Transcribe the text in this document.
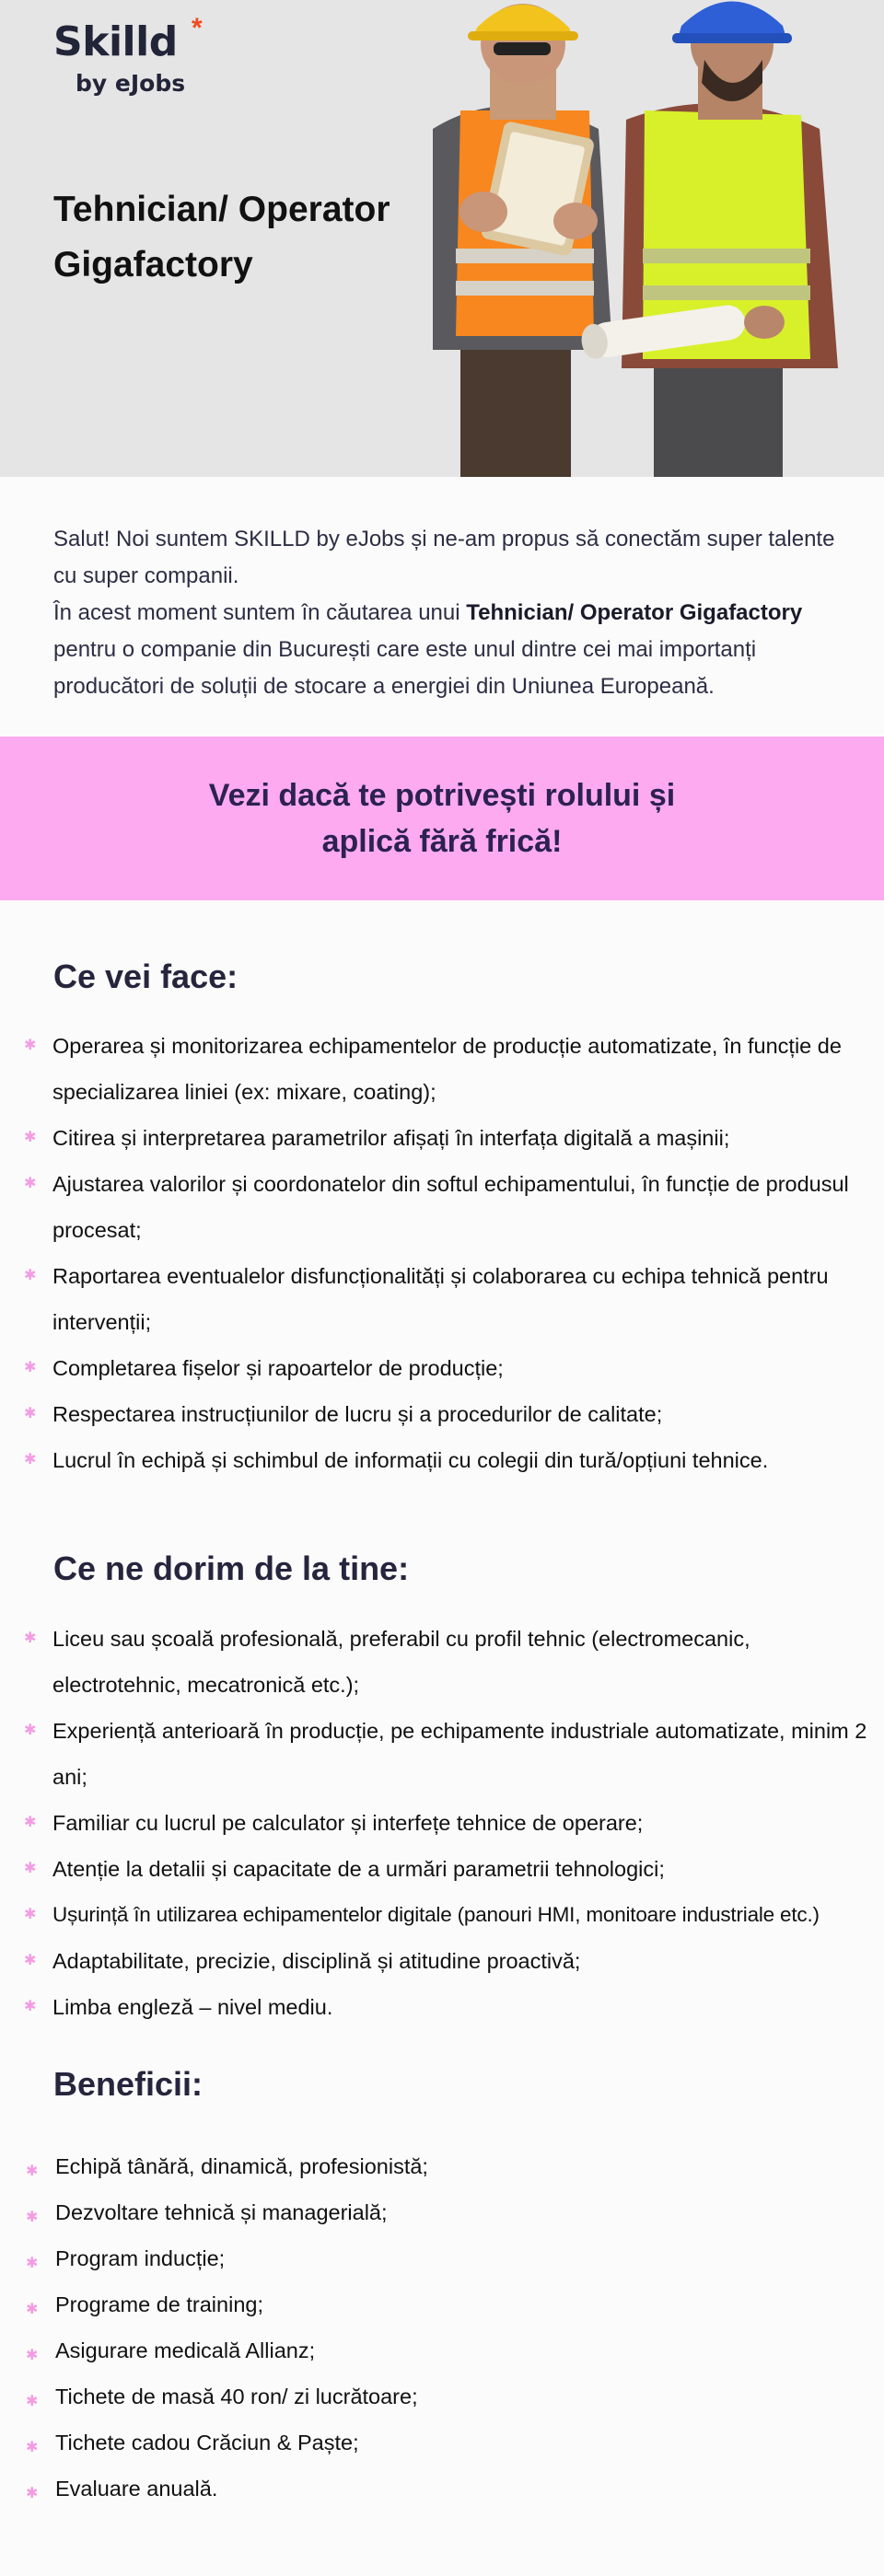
Skilld *
by eJobs
Tehnician/ Operator Gigafactory

Salut! Noi suntem SKILLD by eJobs și ne-am propus să conectăm super talente cu super companii.

În acest moment suntem în căutarea unui Tehnician/ Operator Gigafactory pentru o companie din București care este unul dintre cei mai importanți producători de soluții de stocare a energiei din Uniunea Europeană.

Vezi dacă te potrivești rolului și aplică fără frică!
Ce vei face:
✱ Operarea și monitorizarea echipamentelor de producție automatizate, în funcție de specializarea liniei (ex: mixare, coating);
✱ Citirea și interpretarea parametrilor afișați în interfața digitală a mașinii;
✱ Ajustarea valorilor și coordonatelor din softul echipamentului, în funcție de produsul procesat;
✱ Raportarea eventualelor disfuncționalități și colaborarea cu echipa tehnică pentru intervenții;
✱ Completarea fișelor și rapoartelor de producție;
✱ Respectarea instrucțiunilor de lucru și a procedurilor de calitate;
✱ Lucrul în echipă și schimbul de informații cu colegii din tură/opțiuni tehnice.
Ce ne dorim de la tine:
✱ Liceu sau școală profesională, preferabil cu profil tehnic (electromecanic, electrotehnic, mecatronică etc.);
✱ Experiență anterioară în producție, pe echipamente industriale automatizate, minim 2 ani;
✱ Familiar cu lucrul pe calculator și interfețe tehnice de operare;
✱ Atenție la detalii și capacitate de a urmări parametrii tehnologici;
✱ Ușurință în utilizarea echipamentelor digitale (panouri HMI, monitoare industriale etc.)
✱ Adaptabilitate, precizie, disciplină și atitudine proactivă;
✱ Limba engleză – nivel mediu.
Beneficii:
✱ Echipă tânără, dinamică, profesionistă;
✱ Dezvoltare tehnică și managerială;
✱ Program inducție;
✱ Programe de training;
✱ Asigurare medicală Allianz;
✱ Tichete de masă 40 ron/ zi lucrătoare;
✱ Tichete cadou Crăciun & Paște;
✱ Evaluare anuală.
